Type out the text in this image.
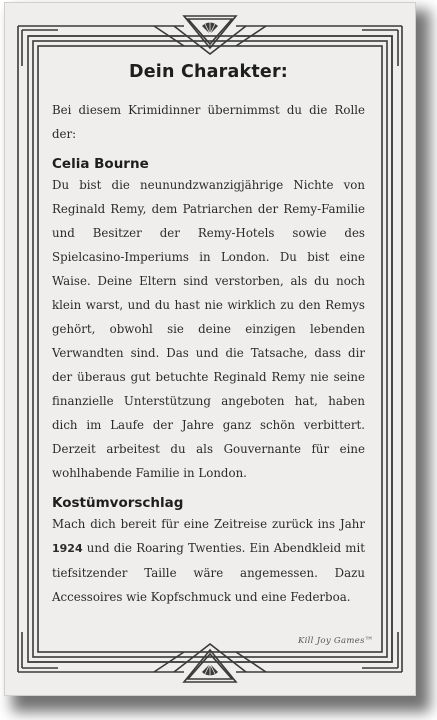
Dein Charakter:

Bei diesem Krimidinner übernimmst du die Rolle der:

Celia Bourne

Du bist die neunundzwanzigjährige Nichte von Reginald Remy, dem Patriarchen der Remy-Familie und Besitzer der Remy-Hotels sowie des Spielcasino-Imperiums in London. Du bist eine Waise. Deine Eltern sind verstorben, als du noch klein warst, und du hast nie wirklich zu den Remys gehört, obwohl sie deine einzigen lebenden Verwandten sind. Das und die Tatsache, dass dir der überaus gut betuchte Reginald Remy nie seine finanzielle Unterstützung angeboten hat, haben dich im Laufe der Jahre ganz schön verbittert. Derzeit arbeitest du als Gouvernante für eine wohlhabende Familie in London.

Kostümvorschlag

Mach dich bereit für eine Zeitreise zurück ins Jahr 1924 und die Roaring Twenties. Ein Abendkleid mit tiefsitzender Taille wäre angemessen. Dazu Accessoires wie Kopfschmuck und eine Federboa.

Kill Joy Games™
